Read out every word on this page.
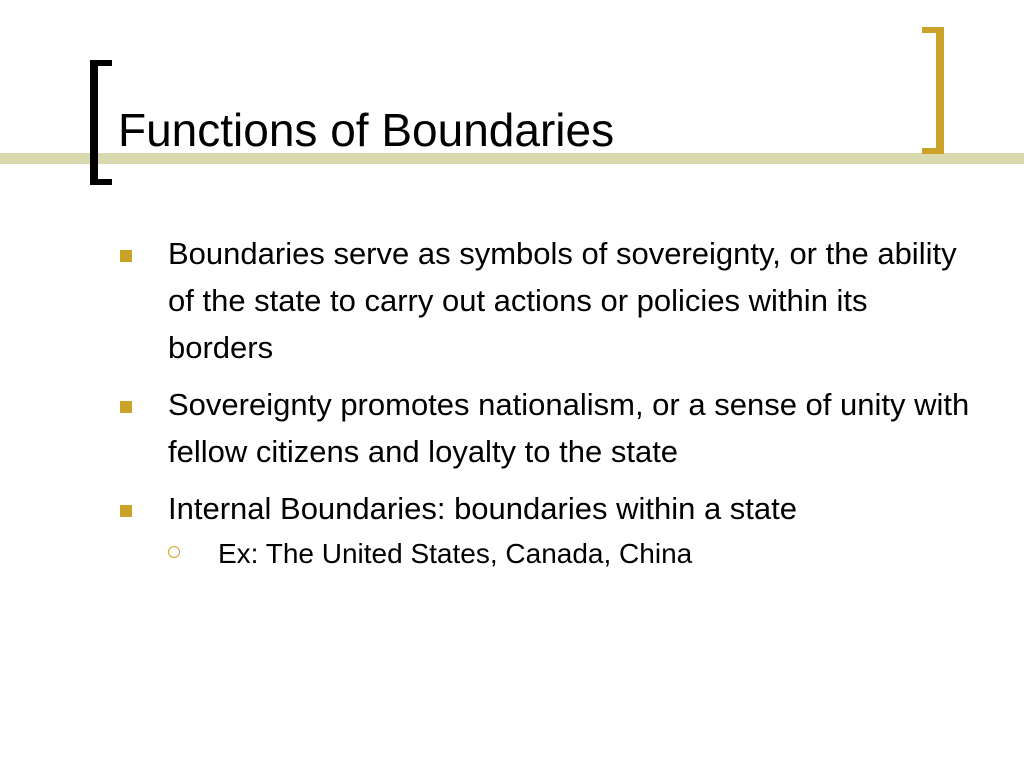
Functions of Boundaries
Boundaries serve as symbols of sovereignty, or the ability of the state to carry out actions or policies within its borders
Sovereignty promotes nationalism, or a sense of unity with fellow citizens and loyalty to the state
Internal Boundaries: boundaries within a state
Ex: The United States, Canada, China
